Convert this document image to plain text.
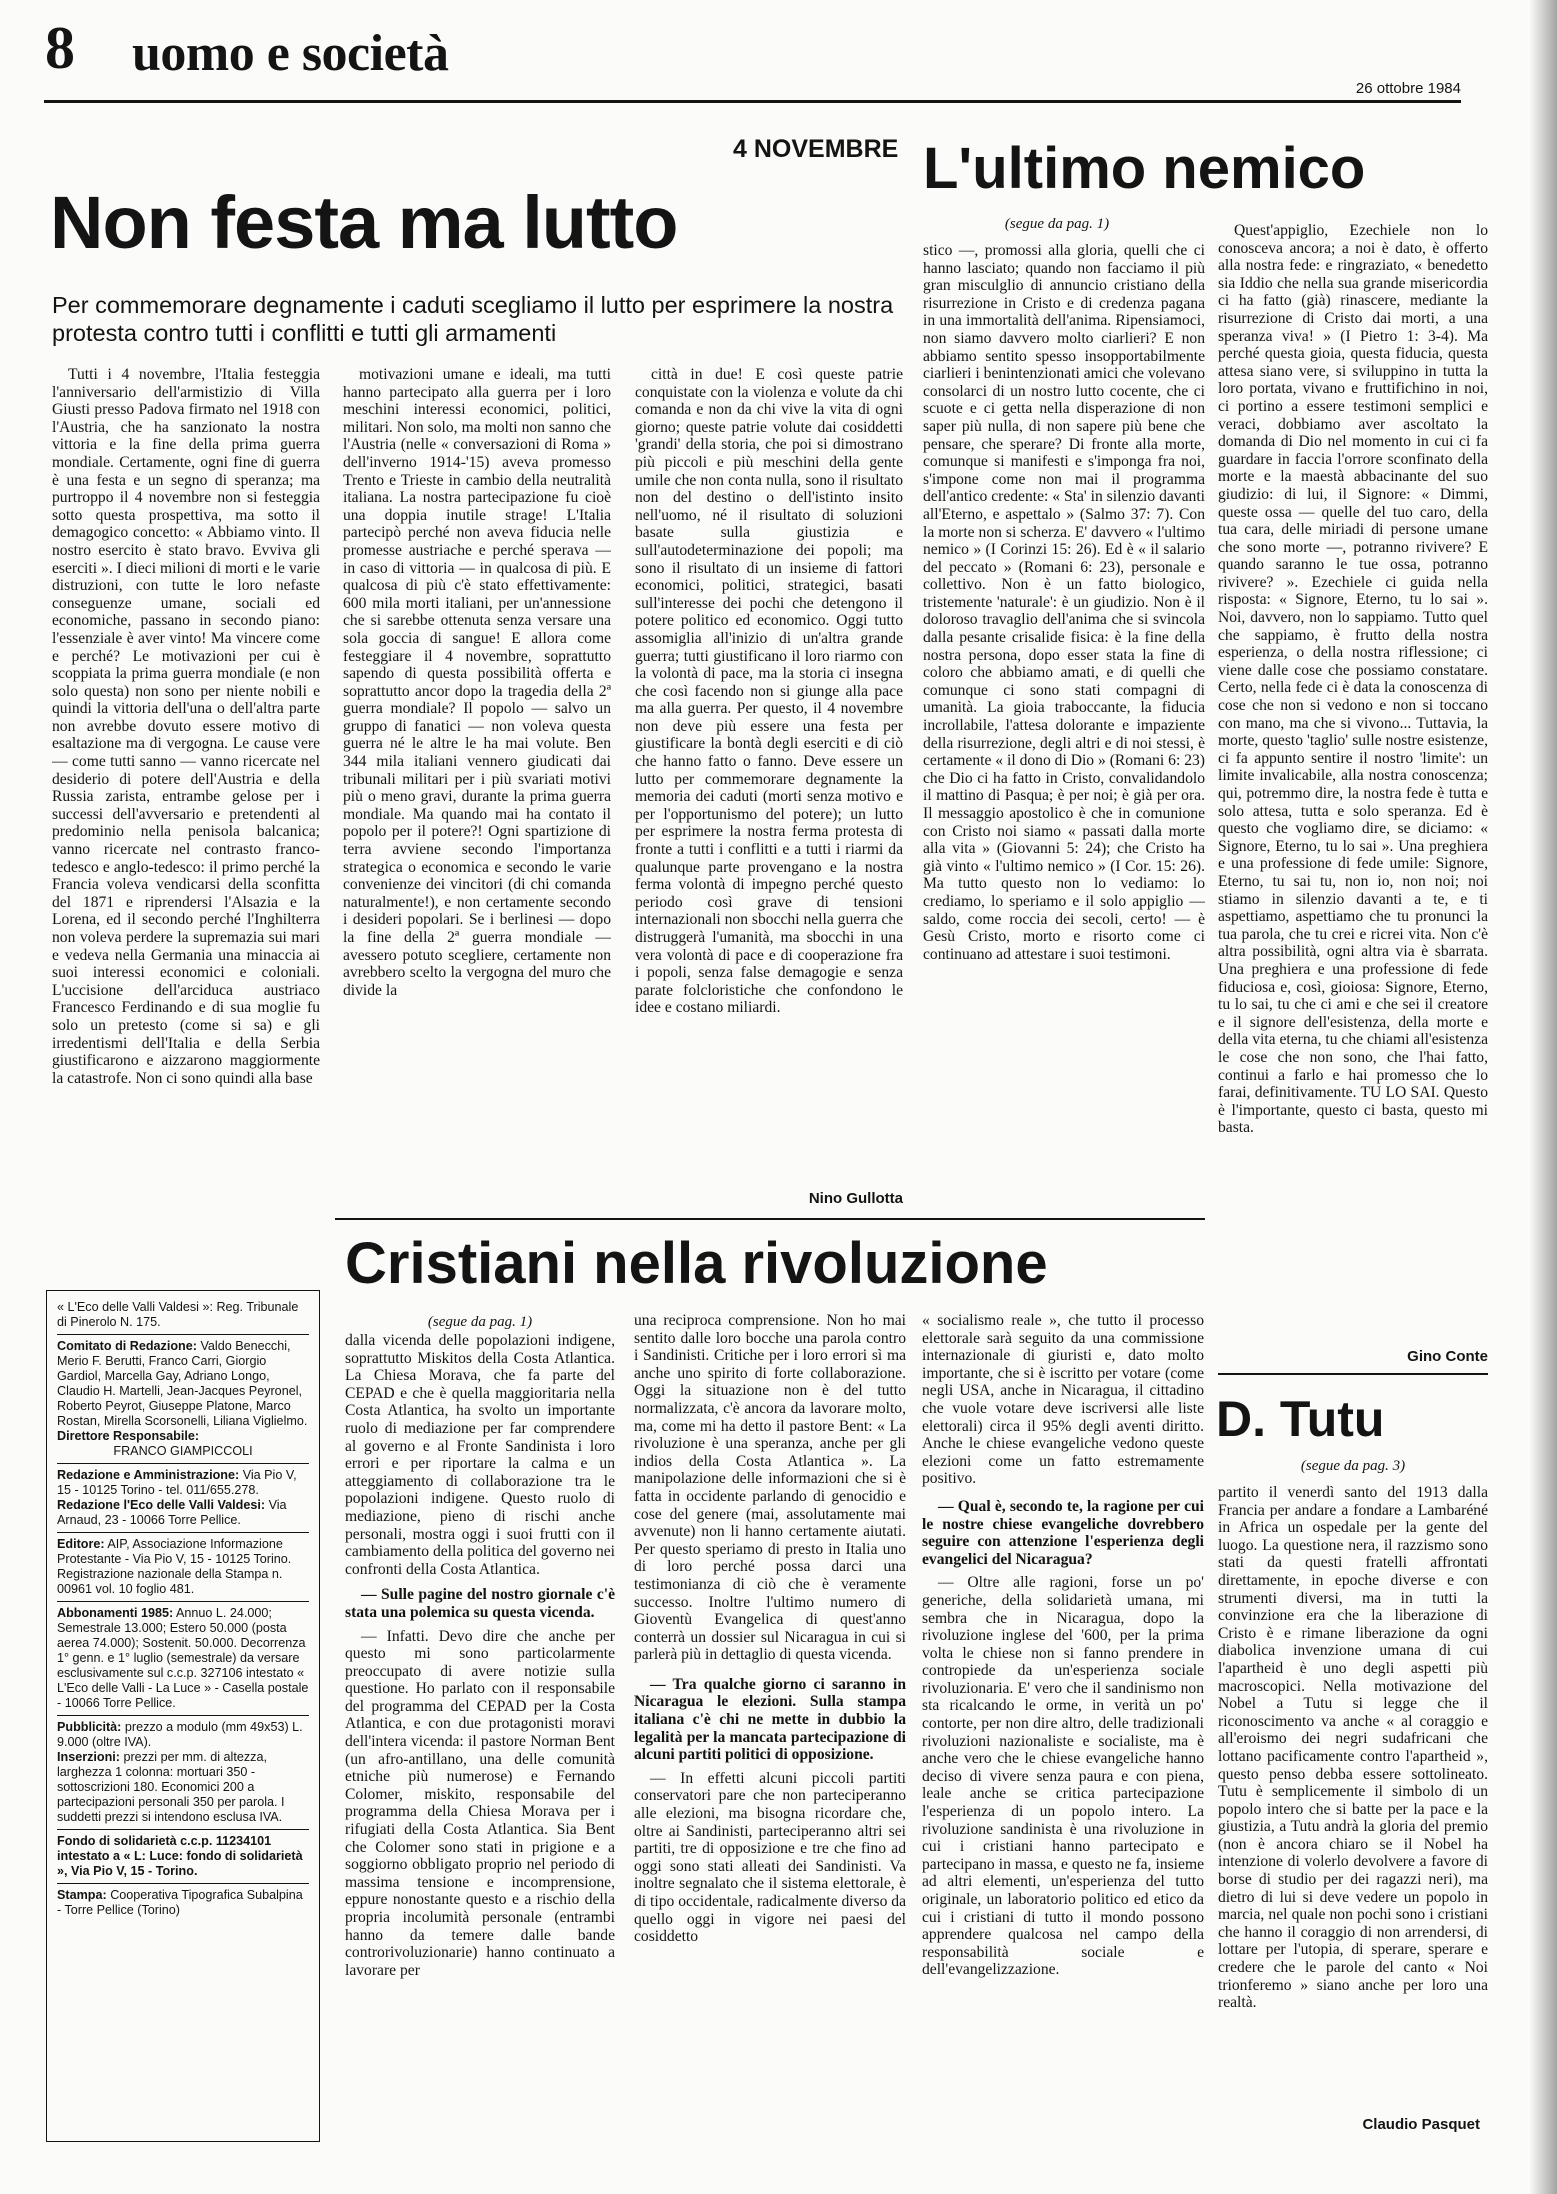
8 uomo e società
26 ottobre 1984
4 NOVEMBRE
Non festa ma lutto
Per commemorare degnamente i caduti scegliamo il lutto per esprimere la nostra protesta contro tutti i conflitti e tutti gli armamenti

Tutti i 4 novembre, l'Italia festeggia l'anniversario dell'armistizio di Villa Giusti presso Padova firmato nel 1918 con l'Austria, che ha sanzionato la nostra vittoria e la fine della prima guerra mondiale. Certamente, ogni fine di guerra è una festa e un segno di speranza; ma purtroppo il 4 novembre non si festeggia sotto questa prospettiva, ma sotto il demagogico concetto: « Abbiamo vinto. Il nostro esercito è stato bravo. Evviva gli eserciti ». I dieci milioni di morti e le varie distruzioni, con tutte le loro nefaste conseguenze umane, sociali ed economiche, passano in secondo piano: l'essenziale è aver vinto! Ma vincere come e perché? Le motivazioni per cui è scoppiata la prima guerra mondiale (e non solo questa) non sono per niente nobili e quindi la vittoria dell'una o dell'altra parte non avrebbe dovuto essere motivo di esaltazione ma di vergogna. Le cause vere — come tutti sanno — vanno ricercate nel desiderio di potere dell'Austria e della Russia zarista, entrambe gelose per i successi dell'avversario e pretendenti al predominio nella penisola balcanica; vanno ricercate nel contrasto franco-tedesco e anglo-tedesco: il primo perché la Francia voleva vendicarsi della sconfitta del 1871 e riprendersi l'Alsazia e la Lorena, ed il secondo perché l'Inghilterra non voleva perdere la supremazia sui mari e vedeva nella Germania una minaccia ai suoi interessi economici e coloniali. L'uccisione dell'arciduca austriaco Francesco Ferdinando e di sua moglie fu solo un pretesto (come si sa) e gli irredentismi dell'Italia e della Serbia giustificarono e aizzarono maggiormente la catastrofe. Non ci sono quindi alla base

motivazioni umane e ideali, ma tutti hanno partecipato alla guerra per i loro meschini interessi economici, politici, militari. Non solo, ma molti non sanno che l'Austria (nelle « conversazioni di Roma » dell'inverno 1914-'15) aveva promesso Trento e Trieste in cambio della neutralità italiana. La nostra partecipazione fu cioè una doppia inutile strage! L'Italia partecipò perché non aveva fiducia nelle promesse austriache e perché sperava — in caso di vittoria — in qualcosa di più. E qualcosa di più c'è stato effettivamente: 600 mila morti italiani, per un'annessione che si sarebbe ottenuta senza versare una sola goccia di sangue! E allora come festeggiare il 4 novembre, soprattutto sapendo di questa possibilità offerta e soprattutto ancor dopo la tragedia della 2ª guerra mondiale? Il popolo — salvo un gruppo di fanatici — non voleva questa guerra né le altre le ha mai volute. Ben 344 mila italiani vennero giudicati dai tribunali militari per i più svariati motivi più o meno gravi, durante la prima guerra mondiale. Ma quando mai ha contato il popolo per il potere?! Ogni spartizione di terra avviene secondo l'importanza strategica o economica e secondo le varie convenienze dei vincitori (di chi comanda naturalmente!), e non certamente secondo i desideri popolari. Se i berlinesi — dopo la fine della 2ª guerra mondiale — avessero potuto scegliere, certamente non avrebbero scelto la vergogna del muro che divide la

città in due! E così queste patrie conquistate con la violenza e volute da chi comanda e non da chi vive la vita di ogni giorno; queste patrie volute dai cosiddetti 'grandi' della storia, che poi si dimostrano più piccoli e più meschini della gente umile che non conta nulla, sono il risultato non del destino o dell'istinto insito nell'uomo, né il risultato di soluzioni basate sulla giustizia e sull'autodeterminazione dei popoli; ma sono il risultato di un insieme di fattori economici, politici, strategici, basati sull'interesse dei pochi che detengono il potere politico ed economico. Oggi tutto assomiglia all'inizio di un'altra grande guerra; tutti giustificano il loro riarmo con la volontà di pace, ma la storia ci insegna che così facendo non si giunge alla pace ma alla guerra. Per questo, il 4 novembre non deve più essere una festa per giustificare la bontà degli eserciti e di ciò che hanno fatto o fanno. Deve essere un lutto per commemorare degnamente la memoria dei caduti (morti senza motivo e per l'opportunismo del potere); un lutto per esprimere la nostra ferma protesta di fronte a tutti i conflitti e a tutti i riarmi da qualunque parte provengano e la nostra ferma volontà di impegno perché questo periodo così grave di tensioni internazionali non sbocchi nella guerra che distruggerà l'umanità, ma sbocchi in una vera volontà di pace e di cooperazione fra i popoli, senza false demagogie e senza parate folcloristiche che confondono le idee e costano miliardi.

Nino Gullotta
L'ultimo nemico
(segue da pag. 1)

stico —, promossi alla gloria, quelli che ci hanno lasciato; quando non facciamo il più gran misculglio di annuncio cristiano della risurrezione in Cristo e di credenza pagana in una immortalità dell'anima. Ripensiamoci, non siamo davvero molto ciarlieri? E non abbiamo sentito spesso insopportabilmente ciarlieri i benintenzionati amici che volevano consolarci di un nostro lutto cocente, che ci scuote e ci getta nella disperazione di non saper più nulla, di non sapere più bene che pensare, che sperare? Di fronte alla morte, comunque si manifesti e s'imponga fra noi, s'impone come non mai il programma dell'antico credente: « Sta' in silenzio davanti all'Eterno, e aspettalo » (Salmo 37: 7). Con la morte non si scherza. E' davvero « l'ultimo nemico » (I Corinzi 15: 26). Ed è « il salario del peccato » (Romani 6: 23), personale e collettivo. Non è un fatto biologico, tristemente 'naturale': è un giudizio. Non è il doloroso travaglio dell'anima che si svincola dalla pesante crisalide fisica: è la fine della nostra persona, dopo esser stata la fine di coloro che abbiamo amati, e di quelli che comunque ci sono stati compagni di umanità. La gioia traboccante, la fiducia incrollabile, l'attesa dolorante e impaziente della risurrezione, degli altri e di noi stessi, è certamente « il dono di Dio » (Romani 6: 23) che Dio ci ha fatto in Cristo, convalidandolo il mattino di Pasqua; è per noi; è già per ora. Il messaggio apostolico è che in comunione con Cristo noi siamo « passati dalla morte alla vita » (Giovanni 5: 24); che Cristo ha già vinto « l'ultimo nemico » (I Cor. 15: 26). Ma tutto questo non lo vediamo: lo crediamo, lo speriamo e il solo appiglio — saldo, come roccia dei secoli, certo! — è Gesù Cristo, morto e risorto come ci continuano ad attestare i suoi testimoni.

Quest'appiglio, Ezechiele non lo conosceva ancora; a noi è dato, è offerto alla nostra fede: e ringraziato, « benedetto sia Iddio che nella sua grande misericordia ci ha fatto (già) rinascere, mediante la risurrezione di Cristo dai morti, a una speranza viva! » (I Pietro 1: 3-4). Ma perché questa gioia, questa fiducia, questa attesa siano vere, si sviluppino in tutta la loro portata, vivano e fruttifichino in noi, ci portino a essere testimoni semplici e veraci, dobbiamo aver ascoltato la domanda di Dio nel momento in cui ci fa guardare in faccia l'orrore sconfinato della morte e la maestà abbacinante del suo giudizio: di lui, il Signore: « Dimmi, queste ossa — quelle del tuo caro, della tua cara, delle miriadi di persone umane che sono morte —, potranno rivivere? E quando saranno le tue ossa, potranno rivivere? ». Ezechiele ci guida nella risposta: « Signore, Eterno, tu lo sai ». Noi, davvero, non lo sappiamo. Tutto quel che sappiamo, è frutto della nostra esperienza, o della nostra riflessione; ci viene dalle cose che possiamo constatare. Certo, nella fede ci è data la conoscenza di cose che non si vedono e non si toccano con mano, ma che si vivono... Tuttavia, la morte, questo 'taglio' sulle nostre esistenze, ci fa appunto sentire il nostro 'limite': un limite invalicabile, alla nostra conoscenza; qui, potremmo dire, la nostra fede è tutta e solo attesa, tutta e solo speranza. Ed è questo che vogliamo dire, se diciamo: « Signore, Eterno, tu lo sai ». Una preghiera e una professione di fede umile: Signore, Eterno, tu sai tu, non io, non noi; noi stiamo in silenzio davanti a te, e ti aspettiamo, aspettiamo che tu pronunci la tua parola, che tu crei e ricrei vita. Non c'è altra possibilità, ogni altra via è sbarrata. Una preghiera e una professione di fede fiduciosa e, così, gioiosa: Signore, Eterno, tu lo sai, tu che ci ami e che sei il creatore e il signore dell'esistenza, della morte e della vita eterna, tu che chiami all'esistenza le cose che non sono, che l'hai fatto, continui a farlo e hai promesso che lo farai, definitivamente. TU LO SAI. Questo è l'importante, questo ci basta, questo mi basta.

Gino Conte
« L'Eco delle Valli Valdesi »: Reg. Tribunale di Pinerolo N. 175.
Comitato di Redazione: Valdo Benecchi, Merio F. Berutti, Franco Carri, Giorgio Gardiol, Marcella Gay, Adriano Longo, Claudio H. Martelli, Jean-Jacques Peyronel, Roberto Peyrot, Giuseppe Platone, Marco Rostan, Mirella Scorsonelli, Liliana Viglielmo.
Direttore Responsabile:

FRANCO GIAMPICCOLI
Redazione e Amministrazione: Via Pio V, 15 - 10125 Torino - tel. 011/655.278.
Redazione l'Eco delle Valli Valdesi: Via Arnaud, 23 - 10066 Torre Pellice.
Editore: AIP, Associazione Informazione Protestante - Via Pio V, 15 - 10125 Torino. Registrazione nazionale della Stampa n. 00961 vol. 10 foglio 481.
Abbonamenti 1985: Annuo L. 24.000; Semestrale 13.000; Estero 50.000 (posta aerea 74.000); Sostenit. 50.000. Decorrenza 1° genn. e 1° luglio (semestrale) da versare esclusivamente sul c.c.p. 327106 intestato « L'Eco delle Valli - La Luce » - Casella postale - 10066 Torre Pellice.
Pubblicità: prezzo a modulo (mm 49x53) L. 9.000 (oltre IVA).
Inserzioni: prezzi per mm. di altezza, larghezza 1 colonna: mortuari 350 - sottoscrizioni 180. Economici 200 a partecipazioni personali 350 per parola. I suddetti prezzi si intendono esclusa IVA.
Fondo di solidarietà c.c.p. 11234101 intestato a « L: Luce: fondo di solidarietà », Via Pio V, 15 - Torino.
Stampa: Cooperativa Tipografica Subalpina - Torre Pellice (Torino)
Cristiani nella rivoluzione
(segue da pag. 1)

dalla vicenda delle popolazioni indigene, soprattutto Miskitos della Costa Atlantica. La Chiesa Morava, che fa parte del CEPAD e che è quella maggioritaria nella Costa Atlantica, ha svolto un importante ruolo di mediazione per far comprendere al governo e al Fronte Sandinista i loro errori e per riportare la calma e un atteggiamento di collaborazione tra le popolazioni indigene. Questo ruolo di mediazione, pieno di rischi anche personali, mostra oggi i suoi frutti con il cambiamento della politica del governo nei confronti della Costa Atlantica.

— Sulle pagine del nostro giornale c'è stata una polemica su questa vicenda.

— Infatti. Devo dire che anche per questo mi sono particolarmente preoccupato di avere notizie sulla questione. Ho parlato con il responsabile del programma del CEPAD per la Costa Atlantica, e con due protagonisti moravi dell'intera vicenda: il pastore Norman Bent (un afro-antillano, una delle comunità etniche più numerose) e Fernando Colomer, miskito, responsabile del programma della Chiesa Morava per i rifugiati della Costa Atlantica. Sia Bent che Colomer sono stati in prigione e a soggiorno obbligato proprio nel periodo di massima tensione e incomprensione, eppure nonostante questo e a rischio della propria incolumità personale (entrambi hanno da temere dalle bande controrivoluzionarie) hanno continuato a lavorare per

una reciproca comprensione. Non ho mai sentito dalle loro bocche una parola contro i Sandinisti. Critiche per i loro errori sì ma anche uno spirito di forte collaborazione. Oggi la situazione non è del tutto normalizzata, c'è ancora da lavorare molto, ma, come mi ha detto il pastore Bent: « La rivoluzione è una speranza, anche per gli indios della Costa Atlantica ». La manipolazione delle informazioni che si è fatta in occidente parlando di genocidio e cose del genere (mai, assolutamente mai avvenute) non li hanno certamente aiutati. Per questo speriamo di presto in Italia uno di loro perché possa darci una testimonianza di ciò che è veramente successo. Inoltre l'ultimo numero di Gioventù Evangelica di quest'anno conterrà un dossier sul Nicaragua in cui si parlerà più in dettaglio di questa vicenda.

— Tra qualche giorno ci saranno in Nicaragua le elezioni. Sulla stampa italiana c'è chi ne mette in dubbio la legalità per la mancata partecipazione di alcuni partiti politici di opposizione.

— In effetti alcuni piccoli partiti conservatori pare che non parteciperanno alle elezioni, ma bisogna ricordare che, oltre ai Sandinisti, parteciperanno altri sei partiti, tre di opposizione e tre che fino ad oggi sono stati alleati dei Sandinisti. Va inoltre segnalato che il sistema elettorale, è di tipo occidentale, radicalmente diverso da quello oggi in vigore nei paesi del cosiddetto

« socialismo reale », che tutto il processo elettorale sarà seguito da una commissione internazionale di giuristi e, dato molto importante, che si è iscritto per votare (come negli USA, anche in Nicaragua, il cittadino che vuole votare deve iscriversi alle liste elettorali) circa il 95% degli aventi diritto. Anche le chiese evangeliche vedono queste elezioni come un fatto estremamente positivo.

— Qual è, secondo te, la ragione per cui le nostre chiese evangeliche dovrebbero seguire con attenzione l'esperienza degli evangelici del Nicaragua?

— Oltre alle ragioni, forse un po' generiche, della solidarietà umana, mi sembra che in Nicaragua, dopo la rivoluzione inglese del '600, per la prima volta le chiese non si fanno prendere in contropiede da un'esperienza sociale rivoluzionaria. E' vero che il sandinismo non sta ricalcando le orme, in verità un po' contorte, per non dire altro, delle tradizionali rivoluzioni nazionaliste e socialiste, ma è anche vero che le chiese evangeliche hanno deciso di vivere senza paura e con piena, leale anche se critica partecipazione l'esperienza di un popolo intero. La rivoluzione sandinista è una rivoluzione in cui i cristiani hanno partecipato e partecipano in massa, e questo ne fa, insieme ad altri elementi, un'esperienza del tutto originale, un laboratorio politico ed etico da cui i cristiani di tutto il mondo possono apprendere qualcosa nel campo della responsabilità sociale e dell'evangelizzazione.

D. Tutu
(segue da pag. 3)

partito il venerdì santo del 1913 dalla Francia per andare a fondare a Lambaréné in Africa un ospedale per la gente del luogo. La questione nera, il razzismo sono stati da questi fratelli affrontati direttamente, in epoche diverse e con strumenti diversi, ma in tutti la convinzione era che la liberazione di Cristo è e rimane liberazione da ogni diabolica invenzione umana di cui l'apartheid è uno degli aspetti più macroscopici. Nella motivazione del Nobel a Tutu si legge che il riconoscimento va anche « al coraggio e all'eroismo dei negri sudafricani che lottano pacificamente contro l'apartheid », questo penso debba essere sottolineato. Tutu è semplicemente il simbolo di un popolo intero che si batte per la pace e la giustizia, a Tutu andrà la gloria del premio (non è ancora chiaro se il Nobel ha intenzione di volerlo devolvere a favore di borse di studio per dei ragazzi neri), ma dietro di lui si deve vedere un popolo in marcia, nel quale non pochi sono i cristiani che hanno il coraggio di non arrendersi, di lottare per l'utopia, di sperare, sperare e credere che le parole del canto « Noi trionferemo » siano anche per loro una realtà.

Claudio Pasquet
